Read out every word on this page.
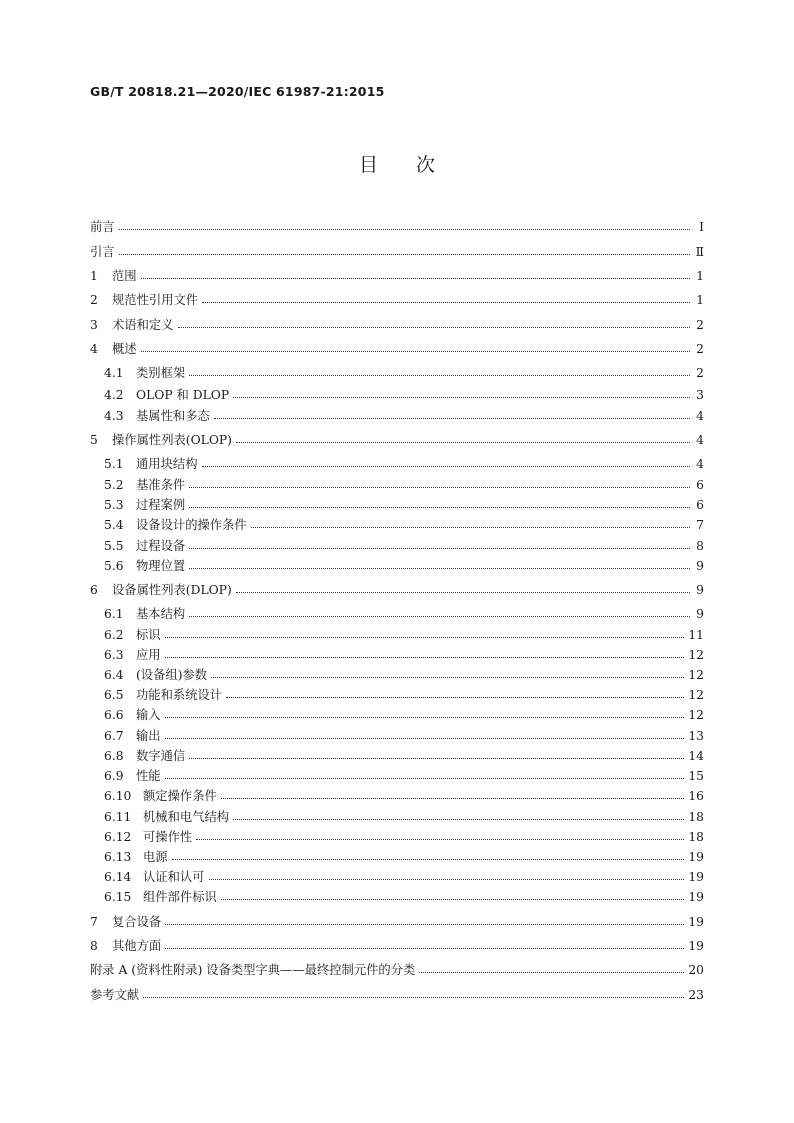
GB/T 20818.21—2020/IEC 61987-21:2015
目次
前言	Ⅰ
引言	Ⅱ
1	范围	1
2	规范性引用文件	1
3	术语和定义	2
4	概述	2
4.1	类别框架	2
4.2	OLOP 和 DLOP	3
4.3	基属性和多态	4
5	操作属性列表(OLOP)	4
5.1	通用块结构	4
5.2	基准条件	6
5.3	过程案例	6
5.4	设备设计的操作条件	7
5.5	过程设备	8
5.6	物理位置	9
6	设备属性列表(DLOP)	9
6.1	基本结构	9
6.2	标识	11
6.3	应用	12
6.4	(设备组)参数	12
6.5	功能和系统设计	12
6.6	输入	12
6.7	输出	13
6.8	数字通信	14
6.9	性能	15
6.10 额定操作条件	16
6.11 机械和电气结构	18
6.12 可操作性	18
6.13 电源	19
6.14 认证和认可	19
6.15 组件部件标识	19
7	复合设备	19
8	其他方面	19
附录 A (资料性附录) 设备类型字典——最终控制元件的分类	20
参考文献	23
